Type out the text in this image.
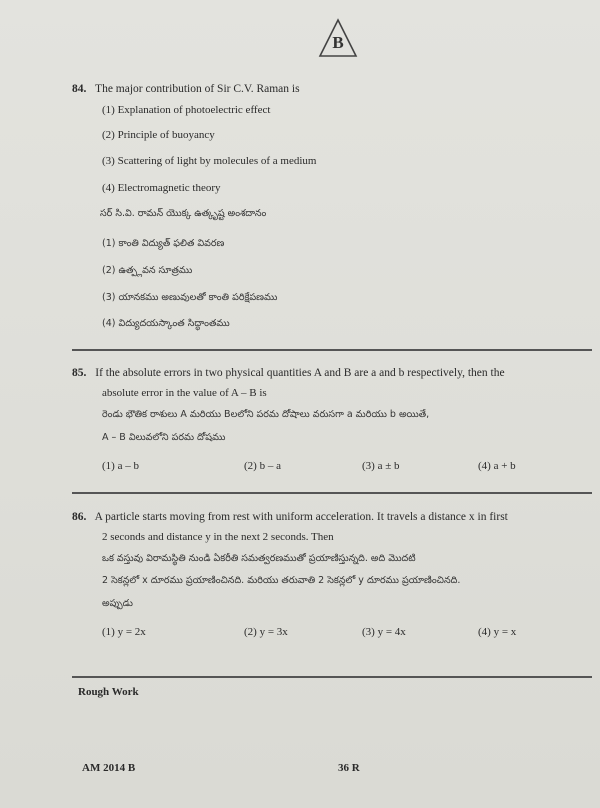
B
84. The major contribution of Sir C.V. Raman is
(1) Explanation of photoelectric effect
(2) Principle of buoyancy
(3) Scattering of light by molecules of a medium
(4) Electromagnetic theory
సర్ సి.వి. రామన్ యొక్క ఉత్కృష్ట అంశదానం
(1) కాంతి విద్యుత్ ఫలిత వివరణ
(2) ఉత్ప్లవన సూత్రము
(3) యానకము అణువులతో కాంతి పరిక్షేపణము
(4) విద్యుదయస్కాంత సిద్ధాంతము
85. If the absolute errors in two physical quantities A and B are a and b respectively, then the
absolute error in the value of A – B is
రెండు భౌతిక రాశులు A మరియు Bలలోని పరమ దోషాలు వరుసగా a మరియు b అయితే,
A – B విలువలోని పరమ దోషము
(1) a – b	(2) b – a	(3) a ± b	(4) a + b
86. A particle starts moving from rest with uniform acceleration. It travels a distance x in first
2 seconds and distance y in the next 2 seconds. Then
ఒక వస్తువు విరామస్థితి నుండి ఏకరీతి సమత్వరణముతో ప్రయాణిస్తున్నది. అది మొదటి
2 సెకన్లలో x దూరము ప్రయాణించినది. మరియు తరువాతి 2 సెకన్లలో y దూరము ప్రయాణించినది.
అప్పుడు
(1) y = 2x	(2) y = 3x	(3) y = 4x	(4) y = x
Rough Work
AM 2014 B	36 R
